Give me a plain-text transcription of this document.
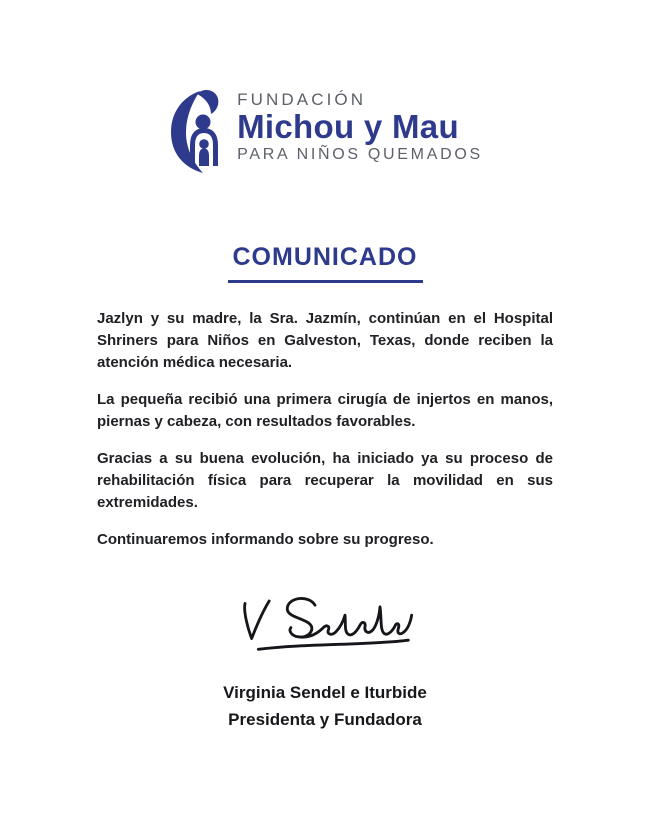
FUNDACIÓN
Michou y Mau
PARA NIÑOS QUEMADOS
COMUNICADO

Jazlyn y su madre, la Sra. Jazmín, continúan en el Hospital Shriners para Niños en Galveston, Texas, donde reciben la atención médica necesaria.

La pequeña recibió una primera cirugía de injertos en manos, piernas y cabeza, con resultados favorables.

Gracias a su buena evolución, ha iniciado ya su proceso de rehabilitación física para recuperar la movilidad en sus extremidades.

Continuaremos informando sobre su progreso.

Virginia Sendel e Iturbide
Presidenta y Fundadora
